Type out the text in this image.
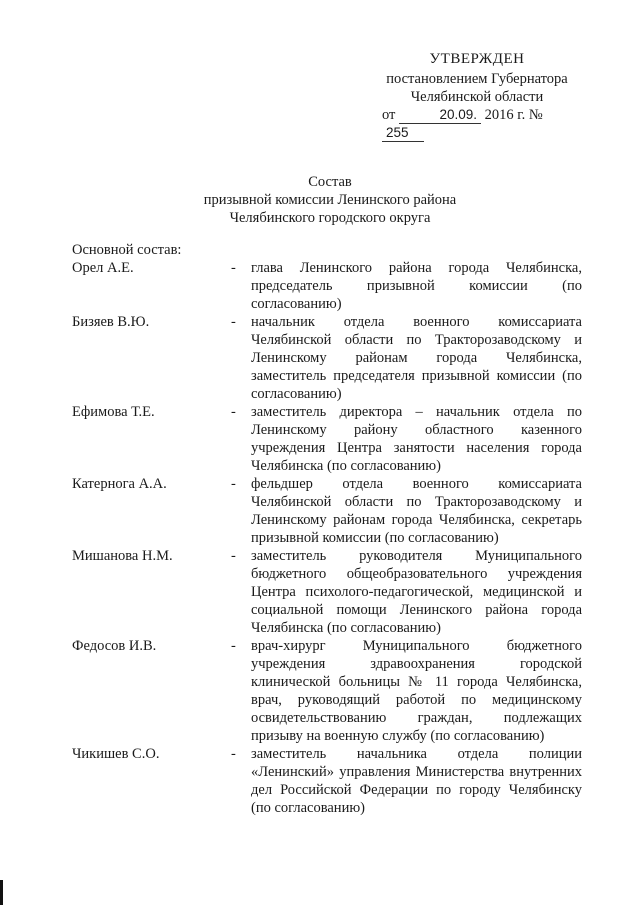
УТВЕРЖДЕН
постановлением Губернатора
Челябинской области
от	20.09. 2016 г. № 255
Состав
призывной комиссии Ленинского района
Челябинского городского округа
Основной состав:
Орел А.Е.	- глава Ленинского района города Челябинска, председатель призывной комиссии (по согласованию)
Бизяев В.Ю.	- начальник отдела военного комиссариата Челябинской области по Тракторозаводскому и Ленинскому районам города Челябинска, заместитель председателя призывной комиссии (по согласованию)
Ефимова Т.Е.	- заместитель директора – начальник отдела по Ленинскому району областного казенного учреждения Центра занятости населения города Челябинска (по согласованию)
Катернога А.А.	- фельдшер отдела военного комиссариата Челябинской области по Тракторозаводскому и Ленинскому районам города Челябинска, секретарь призывной комиссии (по согласованию)
Мишанова Н.М.	- заместитель руководителя Муниципального бюджетного общеобразовательного учреждения Центра психолого-педагогической, медицинской и социальной помощи Ленинского района города Челябинска (по согласованию)
Федосов И.В.	- врач-хирург Муниципального бюджетного учреждения здравоохранения городской клинической больницы № 11 города Челябинска, врач, руководящий работой по медицинскому освидетельствованию граждан, подлежащих призыву на военную службу (по согласованию)
Чикишев С.О.	- заместитель начальника отдела полиции «Ленинский» управления Министерства внутренних дел Российской Федерации по городу Челябинску (по согласованию)
